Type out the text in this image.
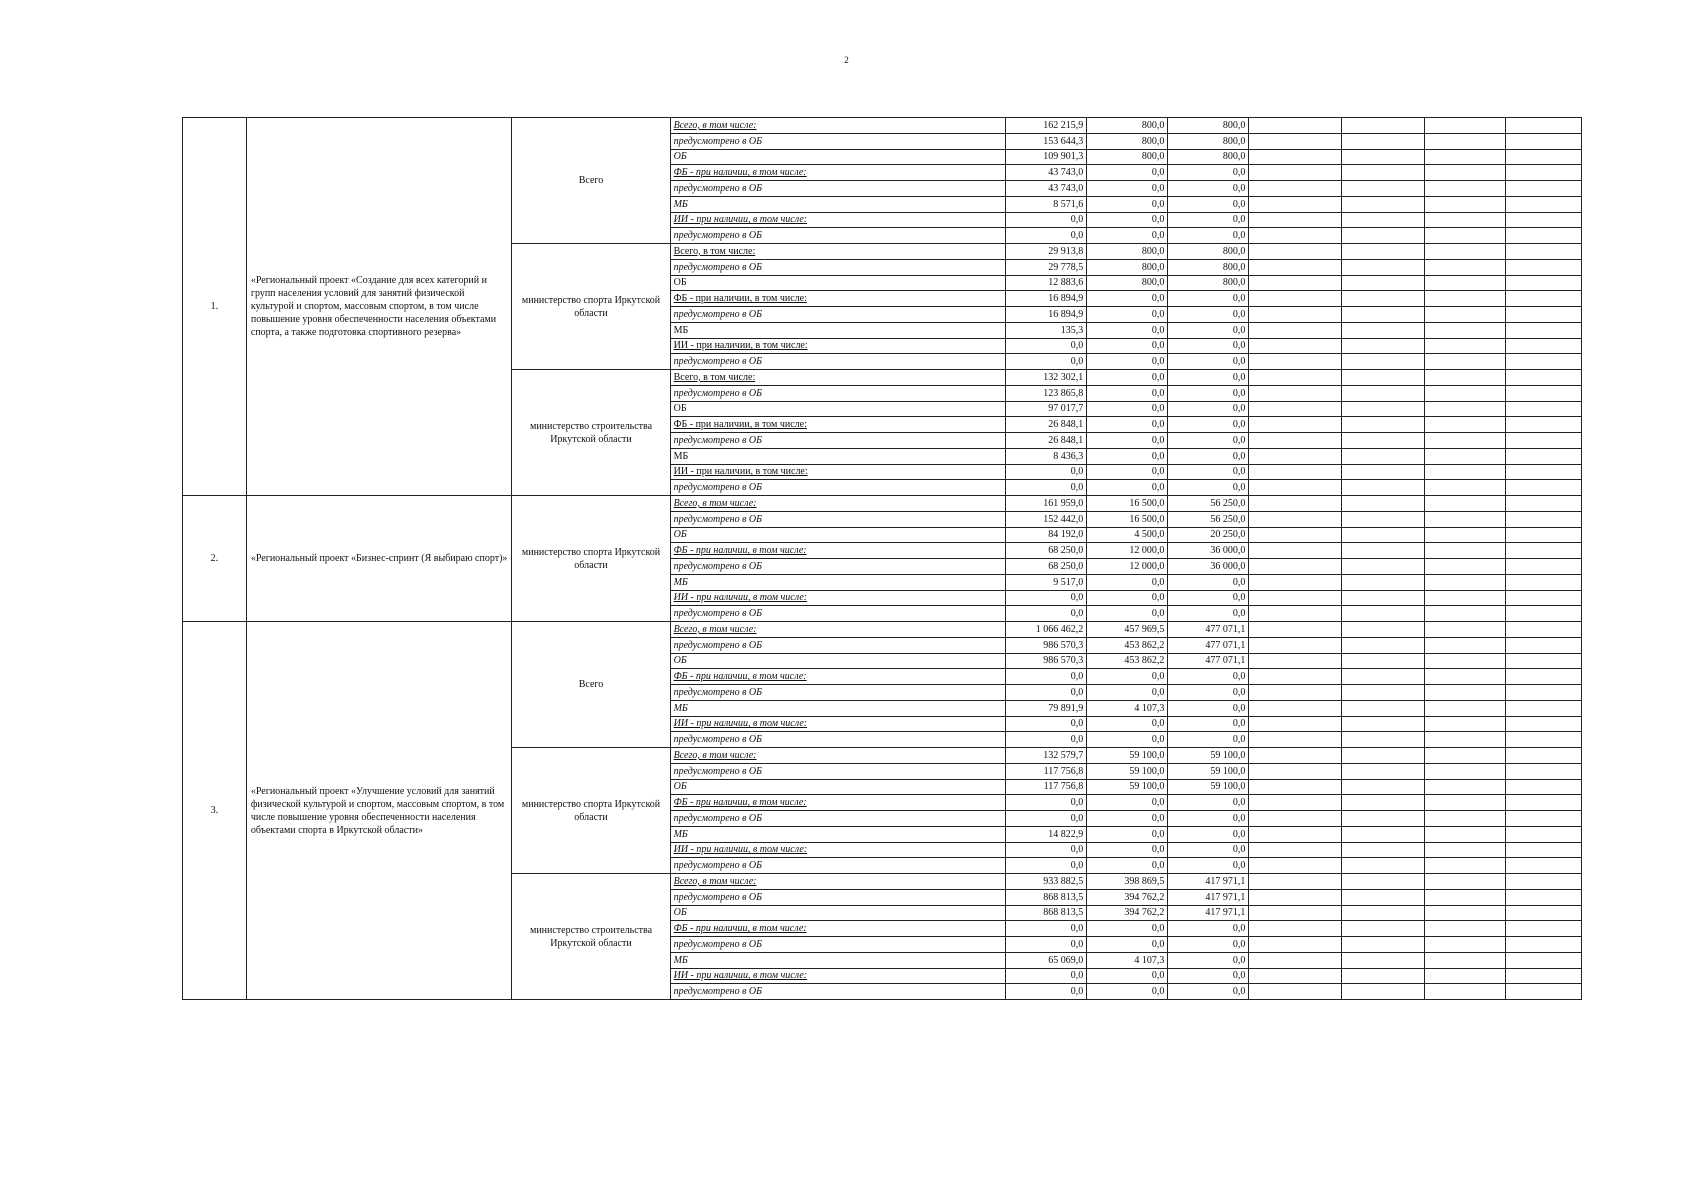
2
1.	«Региональный проект «Создание для всех категорий и групп населения условий для занятий физической культурой и спортом, массовым спортом, в том числе повышение уровня обеспеченности населения объектами спорта, а также подготовка спортивного резерва»	Всего	Всего, в том числе:	162 215,9	800,0	800,0				
			предусмотрено в ОБ	153 644,3	800,0	800,0				
			ОБ	109 901,3	800,0	800,0				
			ФБ - при наличии, в том числе:	43 743,0	0,0	0,0				
			предусмотрено в ОБ	43 743,0	0,0	0,0				
			МБ	8 571,6	0,0	0,0				
			ИИ - при наличии, в том числе:	0,0	0,0	0,0				
			предусмотрено в ОБ	0,0	0,0	0,0				
		министерство спорта Иркутской области	Всего, в том числе:	29 913,8	800,0	800,0				
			предусмотрено в ОБ	29 778,5	800,0	800,0				
			ОБ	12 883,6	800,0	800,0				
			ФБ - при наличии, в том числе:	16 894,9	0,0	0,0				
			предусмотрено в ОБ	16 894,9	0,0	0,0				
			МБ	135,3	0,0	0,0				
			ИИ - при наличии, в том числе:	0,0	0,0	0,0				
			предусмотрено в ОБ	0,0	0,0	0,0				
		министерство строительства Иркутской области	Всего, в том числе:	132 302,1	0,0	0,0				
			предусмотрено в ОБ	123 865,8	0,0	0,0				
			ОБ	97 017,7	0,0	0,0				
			ФБ - при наличии, в том числе:	26 848,1	0,0	0,0				
			предусмотрено в ОБ	26 848,1	0,0	0,0				
			МБ	8 436,3	0,0	0,0				
			ИИ - при наличии, в том числе:	0,0	0,0	0,0				
			предусмотрено в ОБ	0,0	0,0	0,0				
2.	«Региональный проект «Бизнес-спринт (Я выбираю спорт)»	министерство спорта Иркутской области	Всего, в том числе:	161 959,0	16 500,0	56 250,0				
			предусмотрено в ОБ	152 442,0	16 500,0	56 250,0				
			ОБ	84 192,0	4 500,0	20 250,0				
			ФБ - при наличии, в том числе:	68 250,0	12 000,0	36 000,0				
			предусмотрено в ОБ	68 250,0	12 000,0	36 000,0				
			МБ	9 517,0	0,0	0,0				
			ИИ - при наличии, в том числе:	0,0	0,0	0,0				
			предусмотрено в ОБ	0,0	0,0	0,0				
3.	«Региональный проект «Улучшение условий для занятий физической культурой и спортом, массовым спортом, в том числе повышение уровня обеспеченности населения объектами спорта в Иркутской области»	Всего	Всего, в том числе:	1 066 462,2	457 969,5	477 071,1				
			предусмотрено в ОБ	986 570,3	453 862,2	477 071,1				
			ОБ	986 570,3	453 862,2	477 071,1				
			ФБ - при наличии, в том числе:	0,0	0,0	0,0				
			предусмотрено в ОБ	0,0	0,0	0,0				
			МБ	79 891,9	4 107,3	0,0				
			ИИ - при наличии, в том числе:	0,0	0,0	0,0				
			предусмотрено в ОБ	0,0	0,0	0,0				
		министерство спорта Иркутской области	Всего, в том числе:	132 579,7	59 100,0	59 100,0				
			предусмотрено в ОБ	117 756,8	59 100,0	59 100,0				
			ОБ	117 756,8	59 100,0	59 100,0				
			ФБ - при наличии, в том числе:	0,0	0,0	0,0				
			предусмотрено в ОБ	0,0	0,0	0,0				
			МБ	14 822,9	0,0	0,0				
			ИИ - при наличии, в том числе:	0,0	0,0	0,0				
			предусмотрено в ОБ	0,0	0,0	0,0				
		министерство строительства Иркутской области	Всего, в том числе:	933 882,5	398 869,5	417 971,1				
			предусмотрено в ОБ	868 813,5	394 762,2	417 971,1				
			ОБ	868 813,5	394 762,2	417 971,1				
			ФБ - при наличии, в том числе:	0,0	0,0	0,0				
			предусмотрено в ОБ	0,0	0,0	0,0				
			МБ	65 069,0	4 107,3	0,0				
			ИИ - при наличии, в том числе:	0,0	0,0	0,0				
			предусмотрено в ОБ	0,0	0,0	0,0				
